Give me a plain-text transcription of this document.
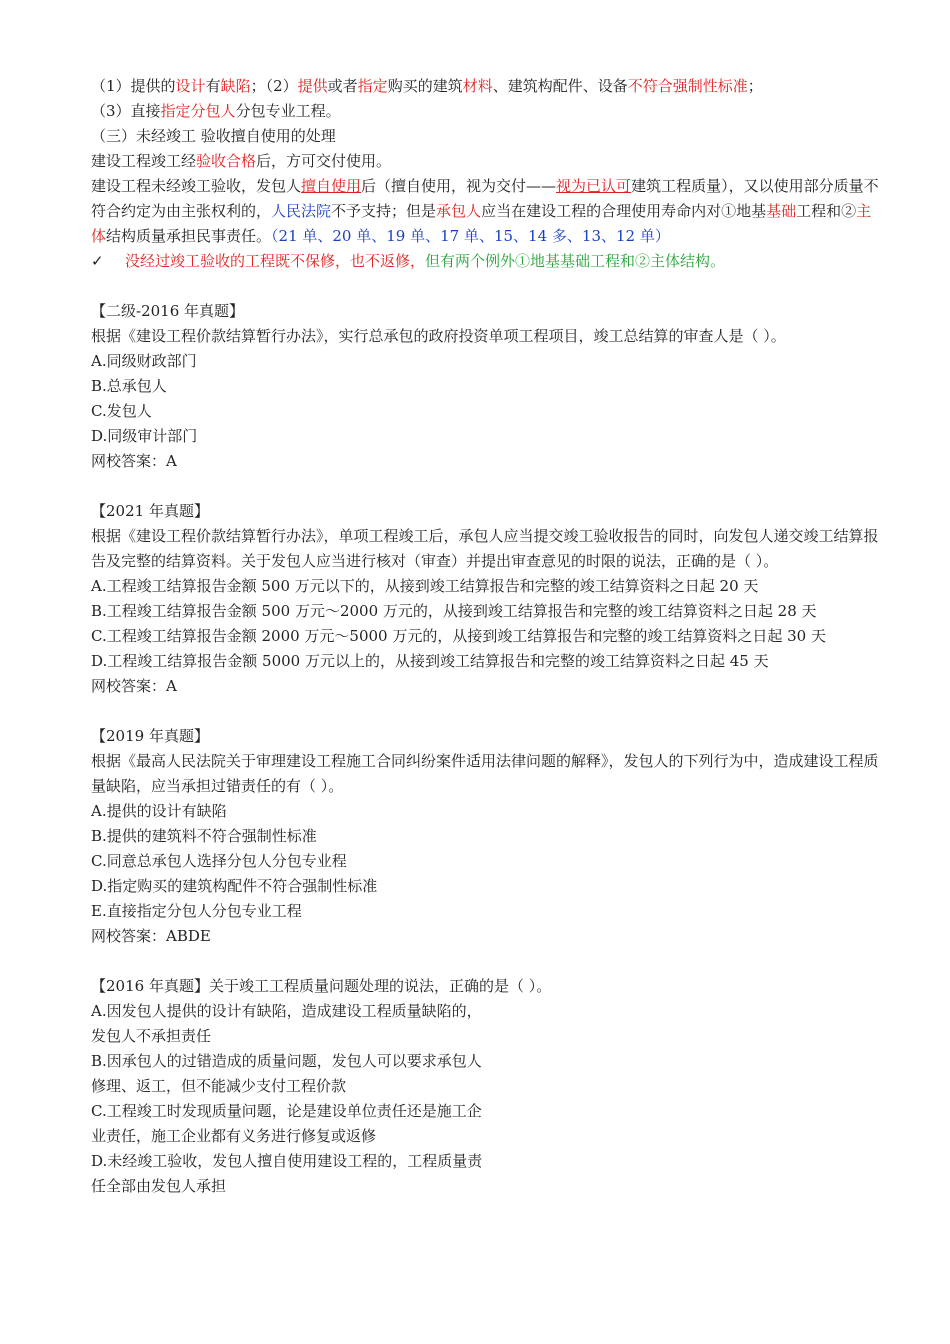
（1）提供的设计有缺陷；（2）提供或者指定购买的建筑材料、建筑构配件、设备不符合强制性标准；
（3）直接指定分包人分包专业工程。
（三）未经竣工 验收擅自使用的处理
建设工程竣工经验收合格后，方可交付使用。
建设工程未经竣工验收，发包人擅自使用后（擅自使用，视为交付——视为已认可建筑工程质量），又以使用部分质量不符合约定为由主张权利的，人民法院不予支持；但是承包人应当在建设工程的合理使用寿命内对①地基基础工程和②主体结构质量承担民事责任。（21 单、20 单、19 单、17 单、15、14 多、13、12 单）
✓ 没经过竣工验收的工程既不保修，也不返修，但有两个例外①地基基础工程和②主体结构。
【二级-2016 年真题】
根据《建设工程价款结算暂行办法》，实行总承包的政府投资单项工程项目，竣工总结算的审查人是（ ）。
A.同级财政部门
B.总承包人
C.发包人
D.同级审计部门
网校答案：A
【2021 年真题】
根据《建设工程价款结算暂行办法》，单项工程竣工后，承包人应当提交竣工验收报告的同时，向发包人递交竣工结算报告及完整的结算资料。关于发包人应当进行核对（审查）并提出审查意见的时限的说法，正确的是（ ）。
A.工程竣工结算报告金额 500 万元以下的，从接到竣工结算报告和完整的竣工结算资料之日起 20 天
B.工程竣工结算报告金额 500 万元～2000 万元的，从接到竣工结算报告和完整的竣工结算资料之日起 28 天
C.工程竣工结算报告金额 2000 万元～5000 万元的，从接到竣工结算报告和完整的竣工结算资料之日起 30 天
D.工程竣工结算报告金额 5000 万元以上的，从接到竣工结算报告和完整的竣工结算资料之日起 45 天
网校答案：A
【2019 年真题】
根据《最高人民法院关于审理建设工程施工合同纠纷案件适用法律问题的解释》，发包人的下列行为中，造成建设工程质量缺陷，应当承担过错责任的有（ ）。
A.提供的设计有缺陷
B.提供的建筑料不符合强制性标准
C.同意总承包人选择分包人分包专业程
D.指定购买的建筑构配件不符合强制性标准
E.直接指定分包人分包专业工程
网校答案：ABDE
【2016 年真题】关于竣工工程质量问题处理的说法，正确的是（ ）。
A.因发包人提供的设计有缺陷，造成建设工程质量缺陷的，
发包人不承担责任
B.因承包人的过错造成的质量问题，发包人可以要求承包人
修理、返工，但不能减少支付工程价款
C.工程竣工时发现质量问题，论是建设单位责任还是施工企
业责任，施工企业都有义务进行修复或返修
D.未经竣工验收，发包人擅自使用建设工程的，工程质量责
任全部由发包人承担
